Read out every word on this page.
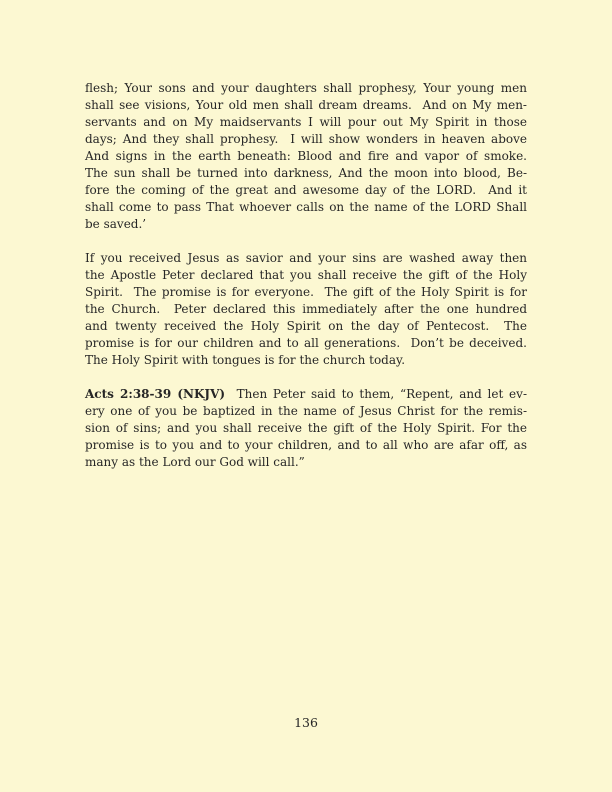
flesh; Your sons and your daughters shall prophesy, Your young men
shall see visions, Your old men shall dream dreams.  And on My men-
servants and on My maidservants I will pour out My Spirit in those
days; And they shall prophesy.  I will show wonders in heaven above
And signs in the earth beneath: Blood and fire and vapor of smoke.
The sun shall be turned into darkness, And the moon into blood, Be-
fore the coming of the great and awesome day of the LORD.  And it
shall come to pass That whoever calls on the name of the LORD Shall
be saved.’
If you received Jesus as savior and your sins are washed away then
the Apostle Peter declared that you shall receive the gift of the Holy
Spirit.  The promise is for everyone.  The gift of the Holy Spirit is for
the Church.  Peter declared this immediately after the one hundred
and twenty received the Holy Spirit on the day of Pentecost.  The
promise is for our children and to all generations.  Don’t be deceived.
The Holy Spirit with tongues is for the church today.
Acts 2:38-39 (NKJV)  Then Peter said to them, “Repent, and let ev-
ery one of you be baptized in the name of Jesus Christ for the remis-
sion of sins; and you shall receive the gift of the Holy Spirit. For the
promise is to you and to your children, and to all who are afar off, as
many as the Lord our God will call.”
136
